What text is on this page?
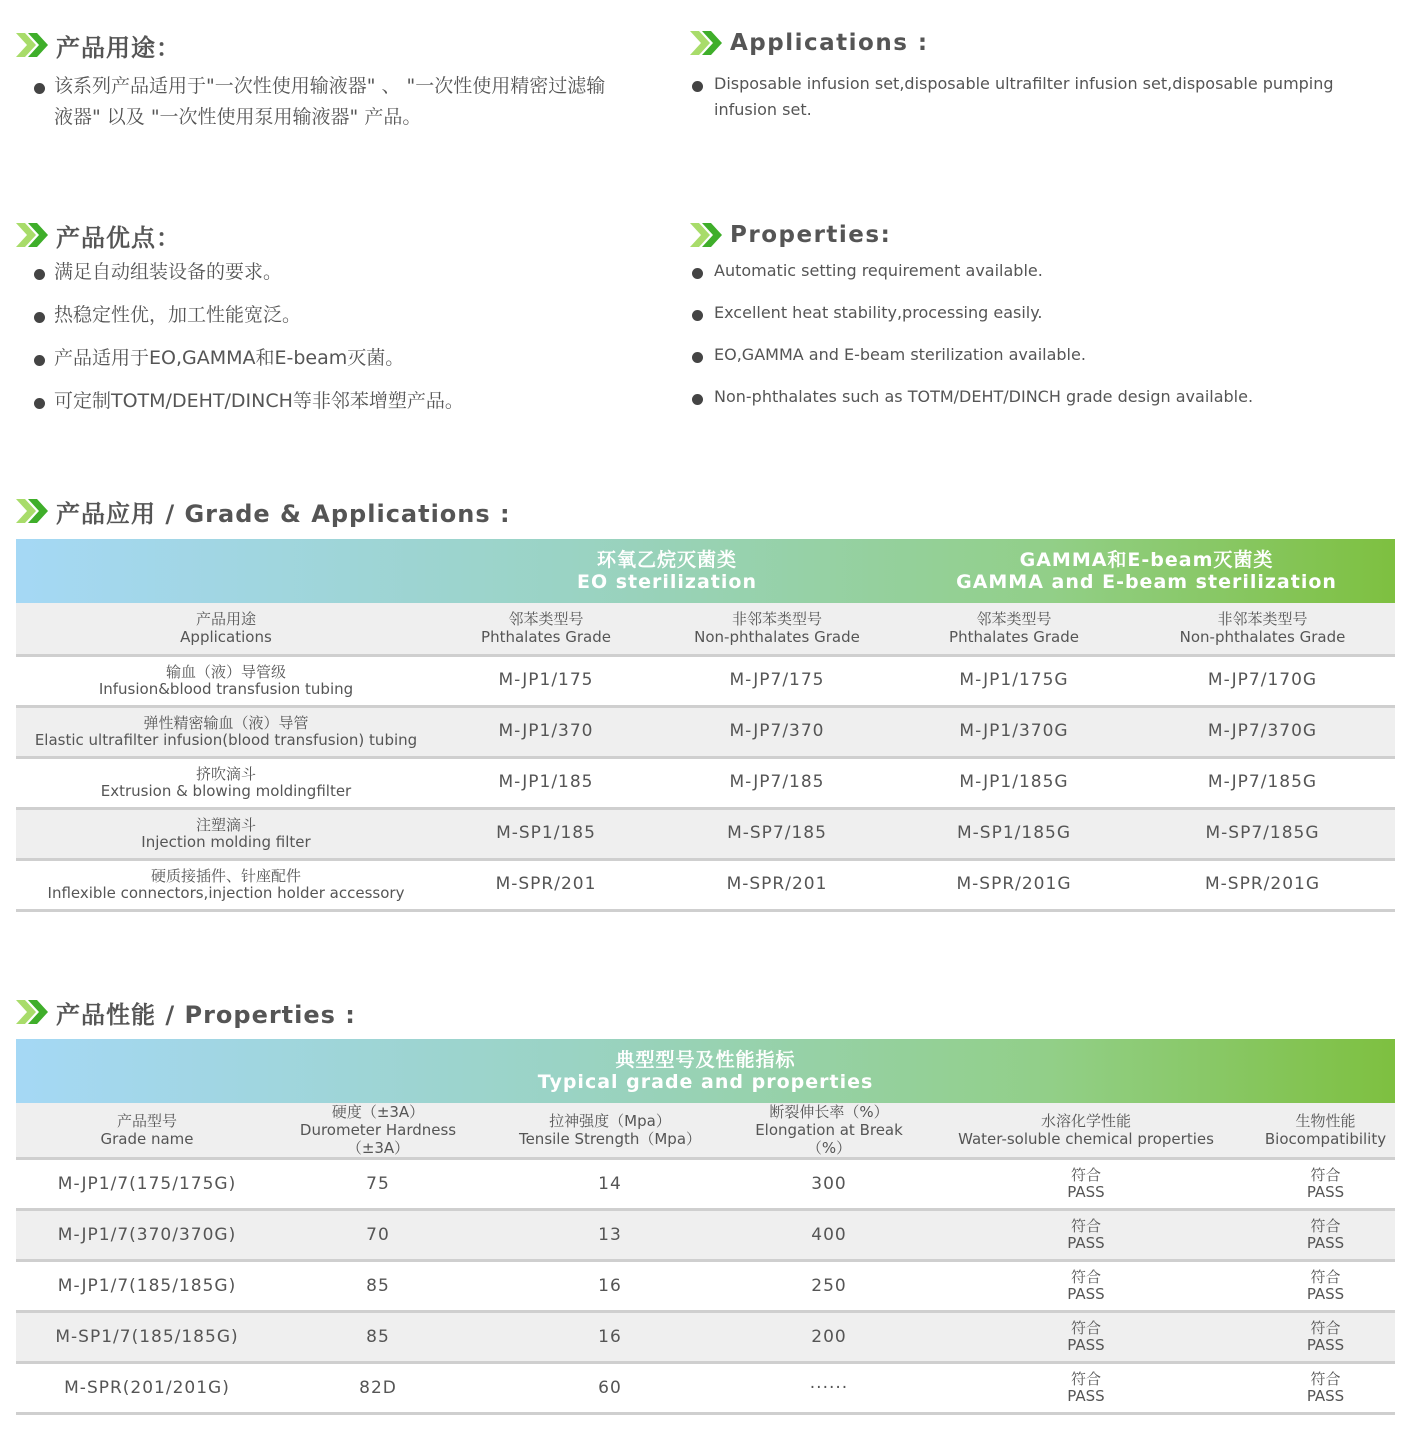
产品用途：
该系列产品适用于"一次性使用输液器" 、 "一次性使用精密过滤输液器" 以及 "一次性使用泵用输液器" 产品。
Applications :
Disposable infusion set,disposable ultrafilter infusion set,disposable pumping infusion set.
产品优点：
满足自动组装设备的要求。
热稳定性优，加工性能宽泛。
产品适用于EO,GAMMA和E-beam灭菌。
可定制TOTM/DEHT/DINCH等非邻苯增塑产品。
Properties:
Automatic setting requirement available.
Excellent heat stability,processing easily.
EO,GAMMA and E-beam sterilization available.
Non-phthalates such as TOTM/DEHT/DINCH grade design available.
产品应用 / Grade & Applications :

	环氧乙烷灭菌类
EO sterilization		GAMMA和E-beam灭菌类
GAMMA and E-beam sterilization	

产品用途
Applications	邻苯类型号
Phthalates Grade	非邻苯类型号
Non-phthalates Grade	邻苯类型号
Phthalates Grade	非邻苯类型号
Non-phthalates Grade

输血（液）导管级
Infusion&blood transfusion tubing	M-JP1/175	M-JP7/175	M-JP1/175G	M-JP7/170G

弹性精密输血（液）导管
Elastic ultrafilter infusion(blood transfusion) tubing	M-JP1/370	M-JP7/370	M-JP1/370G	M-JP7/370G

挤吹滴斗
Extrusion & blowing moldingfilter	M-JP1/185	M-JP7/185	M-JP1/185G	M-JP7/185G

注塑滴斗
Injection molding filter	M-SP1/185	M-SP7/185	M-SP1/185G	M-SP7/185G

硬质接插件、针座配件
Inflexible connectors,injection holder accessory	M-SPR/201	M-SPR/201	M-SPR/201G	M-SPR/201G
产品性能 / Properties :
典型型号及性能指标
Typical grade and properties					

产品型号
Grade name	硬度（±3A）
Durometer Hardness（±3A）	拉神强度（Mpa）
Tensile Strength（Mpa）	断裂伸长率（%）
Elongation at Break（%）	水溶化学性能
Water-soluble chemical properties	生物性能
Biocompatibility

M-JP1/7(175/175G)	75	14	300	符合
PASS	符合
PASS

M-JP1/7(370/370G)	70	13	400	符合
PASS	符合
PASS

M-JP1/7(185/185G)	85	16	250	符合
PASS	符合
PASS

M-SP1/7(185/185G)	85	16	200	符合
PASS	符合
PASS

M-SPR(201/201G)	82D	60	······	符合
PASS	符合
PASS
